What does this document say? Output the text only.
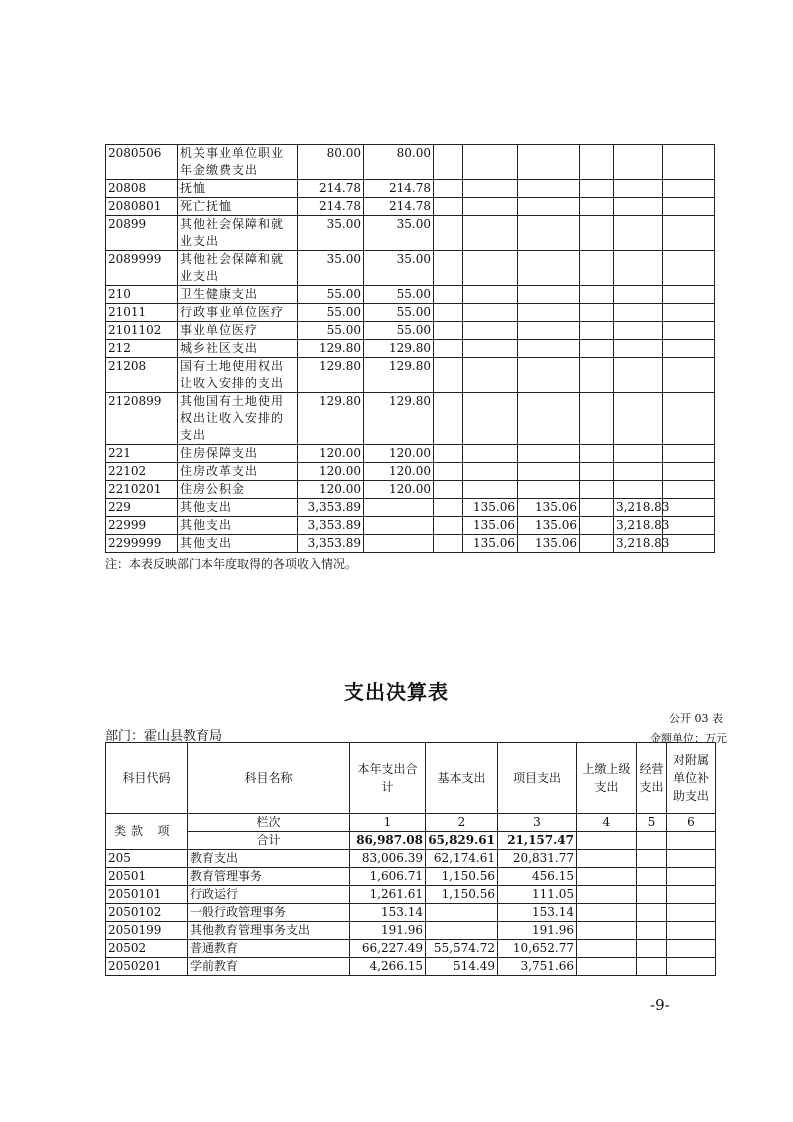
2080506	机关事业单位职业年金缴费支出	80.00	80.00						
20808	抚恤	214.78	214.78						
2080801	死亡抚恤	214.78	214.78						
20899	其他社会保障和就业支出	35.00	35.00						
2089999	其他社会保障和就业支出	35.00	35.00						
210	卫生健康支出	55.00	55.00						
21011	行政事业单位医疗	55.00	55.00						
2101102	事业单位医疗	55.00	55.00						
212	城乡社区支出	129.80	129.80						
21208	国有土地使用权出让收入安排的支出	129.80	129.80						
2120899	其他国有土地使用权出让收入安排的支出	129.80	129.80						
221	住房保障支出	120.00	120.00						
22102	住房改革支出	120.00	120.00						
2210201	住房公积金	120.00	120.00						
229	其他支出	3,353.89			135.06	135.06		3,218.83	
22999	其他支出	3,353.89			135.06	135.06		3,218.83	
2299999	其他支出	3,353.89			135.06	135.06		3,218.83	
注：本表反映部门本年度取得的各项收入情况。
支出决算表
公开 03 表
部门：霍山县教育局	金额单位：万元
科目代码	科目名称	本年支出合计	基本支出	项目支出	上缴上级支出	经营支出	对附属单位补助支出
类 款 项	栏次	1	2	3	4	5	6
	合计	86,987.08	65,829.61	21,157.47			
205	教育支出	83,006.39	62,174.61	20,831.77			
20501	教育管理事务	1,606.71	1,150.56	456.15			
2050101	行政运行	1,261.61	1,150.56	111.05			
2050102	一般行政管理事务	153.14		153.14			
2050199	其他教育管理事务支出	191.96		191.96			
20502	普通教育	66,227.49	55,574.72	10,652.77			
2050201	学前教育	4,266.15	514.49	3,751.66			
-9-
